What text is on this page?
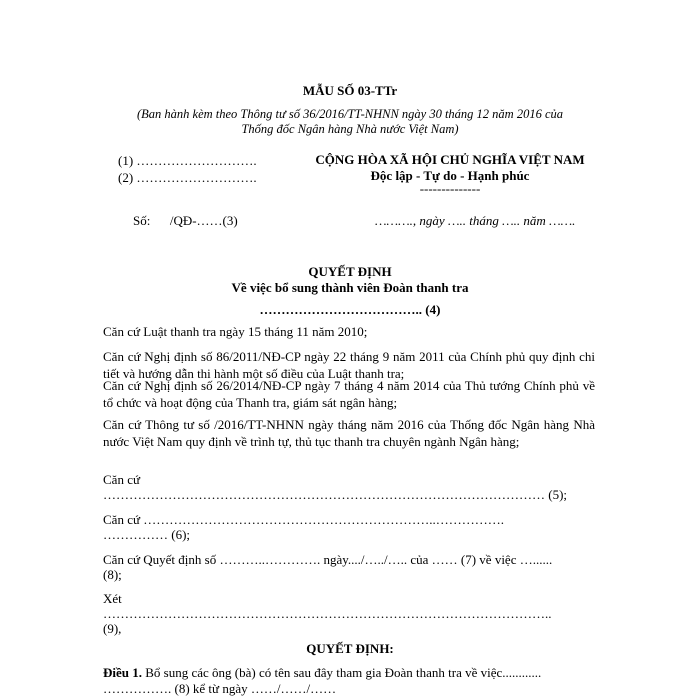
MẪU SỐ 03-TTr
(Ban hành kèm theo Thông tư số 36/2016/TT-NHNN ngày 30 tháng 12 năm 2016 của
Thống đốc Ngân hàng Nhà nước Việt Nam)
(1) ……………………….
(2) ……………………….
CỘNG HÒA XÃ HỘI CHỦ NGHĨA VIỆT NAM
Độc lập - Tự do - Hạnh phúc
--------------
Số:      /QĐ-……(3)	………., ngày ….. tháng ….. năm …….
QUYẾT ĐỊNH
Về việc bổ sung thành viên Đoàn thanh tra
……………………………….. (4)
Căn cứ Luật thanh tra ngày 15 tháng 11 năm 2010;
Căn cứ Nghị định số 86/2011/NĐ-CP ngày 22 tháng 9 năm 2011 của Chính phủ quy định chi tiết và hướng dẫn thi hành một số điều của Luật thanh tra;
Căn cứ Nghị định số 26/2014/NĐ-CP ngày 7 tháng 4 năm 2014 của Thủ tướng Chính phủ về tổ chức và hoạt động của Thanh tra, giám sát ngân hàng;
Căn cứ Thông tư số /2016/TT-NHNN ngày tháng năm 2016 của Thống đốc Ngân hàng Nhà nước Việt Nam quy định về trình tự, thủ tục thanh tra chuyên ngành Ngân hàng;
Căn cứ
………………………………………………………………………………………… (5);
Căn cứ …………………………………………………………..…………….
…………… (6);
Căn cứ Quyết định số ………..…………. ngày..../…../….. của …… (7) về việc …......
(8);
Xét
…………………………………………………………………………………………..
(9),
QUYẾT ĐỊNH:
Điều 1. Bổ sung các ông (bà) có tên sau đây tham gia Đoàn thanh tra về việc............
……………. (8) kể từ ngày ……/……/……
